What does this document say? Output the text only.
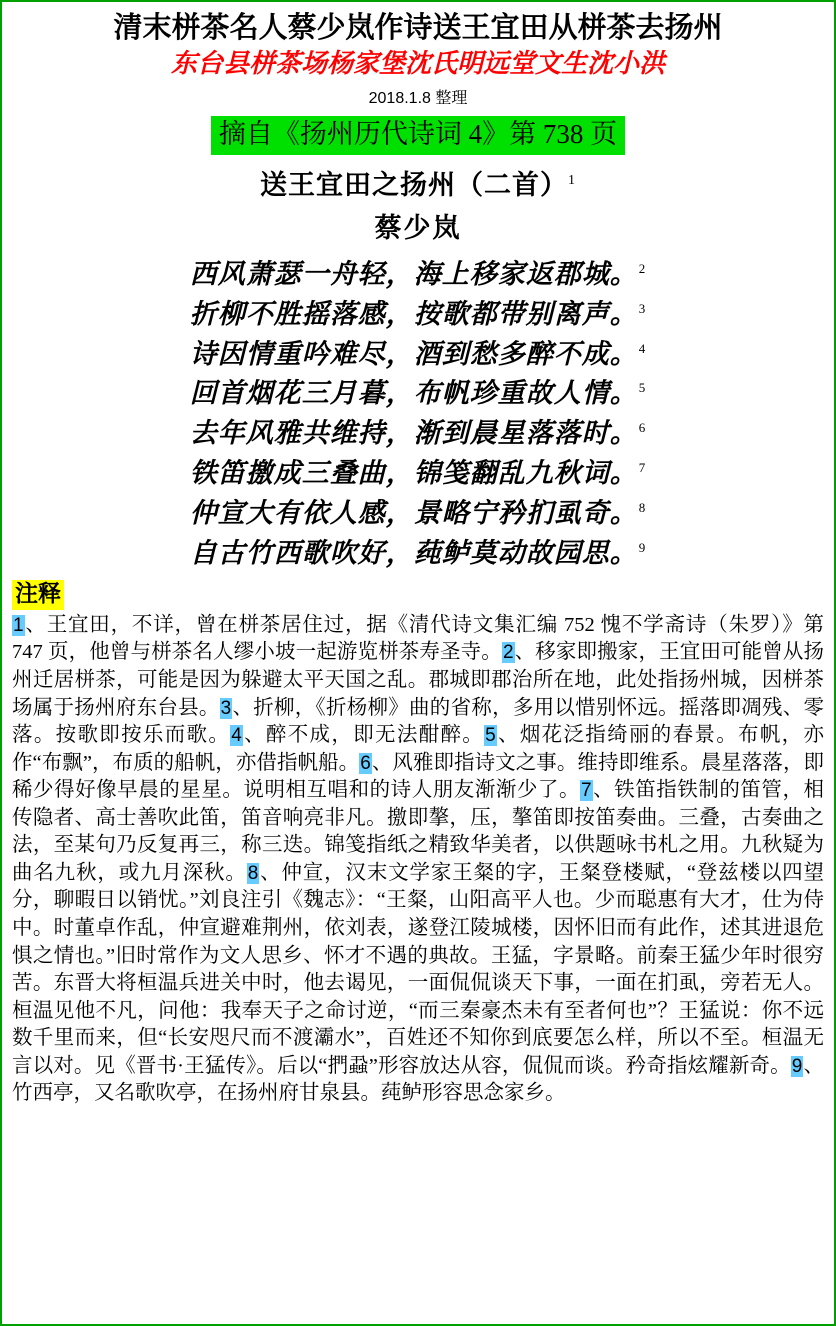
清末栟茶名人蔡少岚作诗送王宜田从栟茶去扬州
东台县栟茶场杨家堡沈氏明远堂文生沈小洪
2018.1.8 整理
摘自《扬州历代诗词 4》第 738 页
送王宜田之扬州（二首）$^1$
蔡少岚
西风萧瑟一舟轻，海上移家返郡城。$^2$
折柳不胜摇落感，按歌都带别离声。$^3$
诗因情重吟难尽，酒到愁多醉不成。$^4$
回首烟花三月暮，布帆珍重故人情。$^5$
去年风雅共维持，渐到晨星落落时。$^6$
铁笛撽成三叠曲，锦笺翻乱九秋词。$^7$
仲宣大有依人感，景略宁矜扪虱奇。$^8$
自古竹西歌吹好，莼鲈莫动故园思。$^9$
注释
1、王宜田，不详，曾在栟茶居住过，据《清代诗文集汇编 752 愧不学斋诗（朱罗）》第 747 页，他曾与栟茶名人缪小坡一起游览栟茶寿圣寺。2、移家即搬家，王宜田可能曾从扬州迁居栟茶，可能是因为躲避太平天国之乱。郡城即郡治所在地，此处指扬州城，因栟茶场属于扬州府东台县。3、折柳，《折杨柳》曲的省称，多用以惜别怀远。摇落即凋残、零落。按歌即按乐而歌。4、醉不成，即无法酣醉。5、烟花泛指绮丽的春景。布帆，亦作“布飘”，布质的船帆，亦借指帆船。6、风雅即指诗文之事。维持即维系。晨星落落，即稀少得好像早晨的星星。说明相互唱和的诗人朋友渐渐少了。7、铁笛指铁制的笛管，相传隐者、高士善吹此笛，笛音响亮非凡。撽即摮，压，摮笛即按笛奏曲。三叠，古奏曲之法，至某句乃反复再三，称三迭。锦笺指纸之精致华美者，以供题咏书札之用。九秋疑为曲名九秋，或九月深秋。8、仲宣，汉末文学家王粲的字，王粲登楼赋，“登兹楼以四望分，聊暇日以销忧。”刘良注引《魏志》：“王粲，山阳高平人也。少而聪惠有大才，仕为侍中。时董卓作乱，仲宣避难荆州，依刘表，遂登江陵城楼，因怀旧而有此作，述其进退危惧之情也。”旧时常作为文人思乡、怀才不遇的典故。王猛，字景略。前秦王猛少年时很穷苦。东晋大将桓温兵进关中时，他去谒见，一面侃侃谈天下事，一面在扪虱，旁若无人。桓温见他不凡，问他：我奉天子之命讨逆，“而三秦豪杰未有至者何也”？王猛说：你不远数千里而来，但“长安咫尺而不渡灞水”，百姓还不知你到底要怎么样，所以不至。桓温无言以对。见《晋书·王猛传》。后以“捫蝨”形容放达从容，侃侃而谈。矜奇指炫耀新奇。9、竹西亭，又名歌吹亭，在扬州府甘泉县。莼鲈形容思念家乡。
